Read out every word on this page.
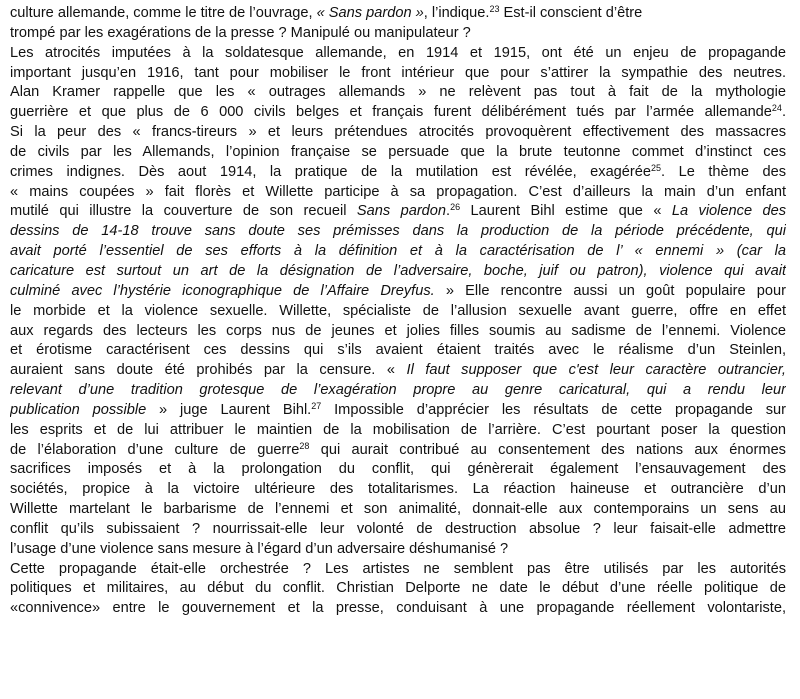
culture allemande, comme le titre de l’ouvrage, « Sans pardon », l’indique.$^{23}$ Est-il conscient d’être
trompé par les exagérations de la presse ? Manipulé ou manipulateur ?
Les atrocités imputées à la soldatesque allemande, en 1914 et 1915, ont été un enjeu de propagande
important jusqu’en 1916, tant pour mobiliser le front intérieur que pour s’attirer la sympathie des neutres.
Alan Kramer rappelle que les « outrages allemands » ne relèvent pas tout à fait de la mythologie
guerrière et que plus de 6 000 civils belges et français furent délibérément tués par l’armée allemande$^{24}$.
Si la peur des « francs-tireurs » et leurs prétendues atrocités provoquèrent effectivement des massacres
de civils par les Allemands, l’opinion française se persuade que la brute teutonne commet d’instinct ces
crimes indignes. Dès aout 1914, la pratique de la mutilation est révélée, exagérée$^{25}$. Le thème des
« mains coupées » fait florès et Willette participe à sa propagation. C’est d’ailleurs la main d’un enfant
mutilé qui illustre la couverture de son recueil Sans pardon.$^{26}$ Laurent Bihl estime que « La violence des
dessins de 14-18 trouve sans doute ses prémisses dans la production de la période précédente, qui
avait porté l’essentiel de ses efforts à la définition et à la caractérisation de l’ « ennemi » (car la
caricature est surtout un art de la désignation de l’adversaire, boche, juif ou patron), violence qui avait
culminé avec l’hystérie iconographique de l’Affaire Dreyfus. » Elle rencontre aussi un goût populaire pour
le morbide et la violence sexuelle. Willette, spécialiste de l’allusion sexuelle avant guerre, offre en effet
aux regards des lecteurs les corps nus de jeunes et jolies filles soumis au sadisme de l’ennemi. Violence
et érotisme caractérisent ces dessins qui s’ils avaient étaient traités avec le réalisme d’un Steinlen,
auraient sans doute été prohibés par la censure. « Il faut supposer que c'est leur caractère outrancier,
relevant d’une tradition grotesque de l’exagération propre au genre caricatural, qui a rendu leur
publication possible » juge Laurent Bihl.$^{27}$ Impossible d’apprécier les résultats de cette propagande sur
les esprits et de lui attribuer le maintien de la mobilisation de l’arrière. C’est pourtant poser la question
de l’élaboration d’une culture de guerre$^{28}$ qui aurait contribué au consentement des nations aux énormes
sacrifices imposés et à la prolongation du conflit, qui génèrerait également l’ensauvagement des
sociétés, propice à la victoire ultérieure des totalitarismes. La réaction haineuse et outrancière d’un
Willette martelant le barbarisme de l’ennemi et son animalité, donnait-elle aux contemporains un sens au
conflit qu’ils subissaient ? nourrissait-elle leur volonté de destruction absolue ? leur faisait-elle admettre
l’usage d’une violence sans mesure à l’égard d’un adversaire déshumanisé ?
Cette propagande était-elle orchestrée ? Les artistes ne semblent pas être utilisés par les autorités
politiques et militaires, au début du conflit. Christian Delporte ne date le début d’une réelle politique de
«connivence» entre le gouvernement et la presse, conduisant à une propagande réellement volontariste,
